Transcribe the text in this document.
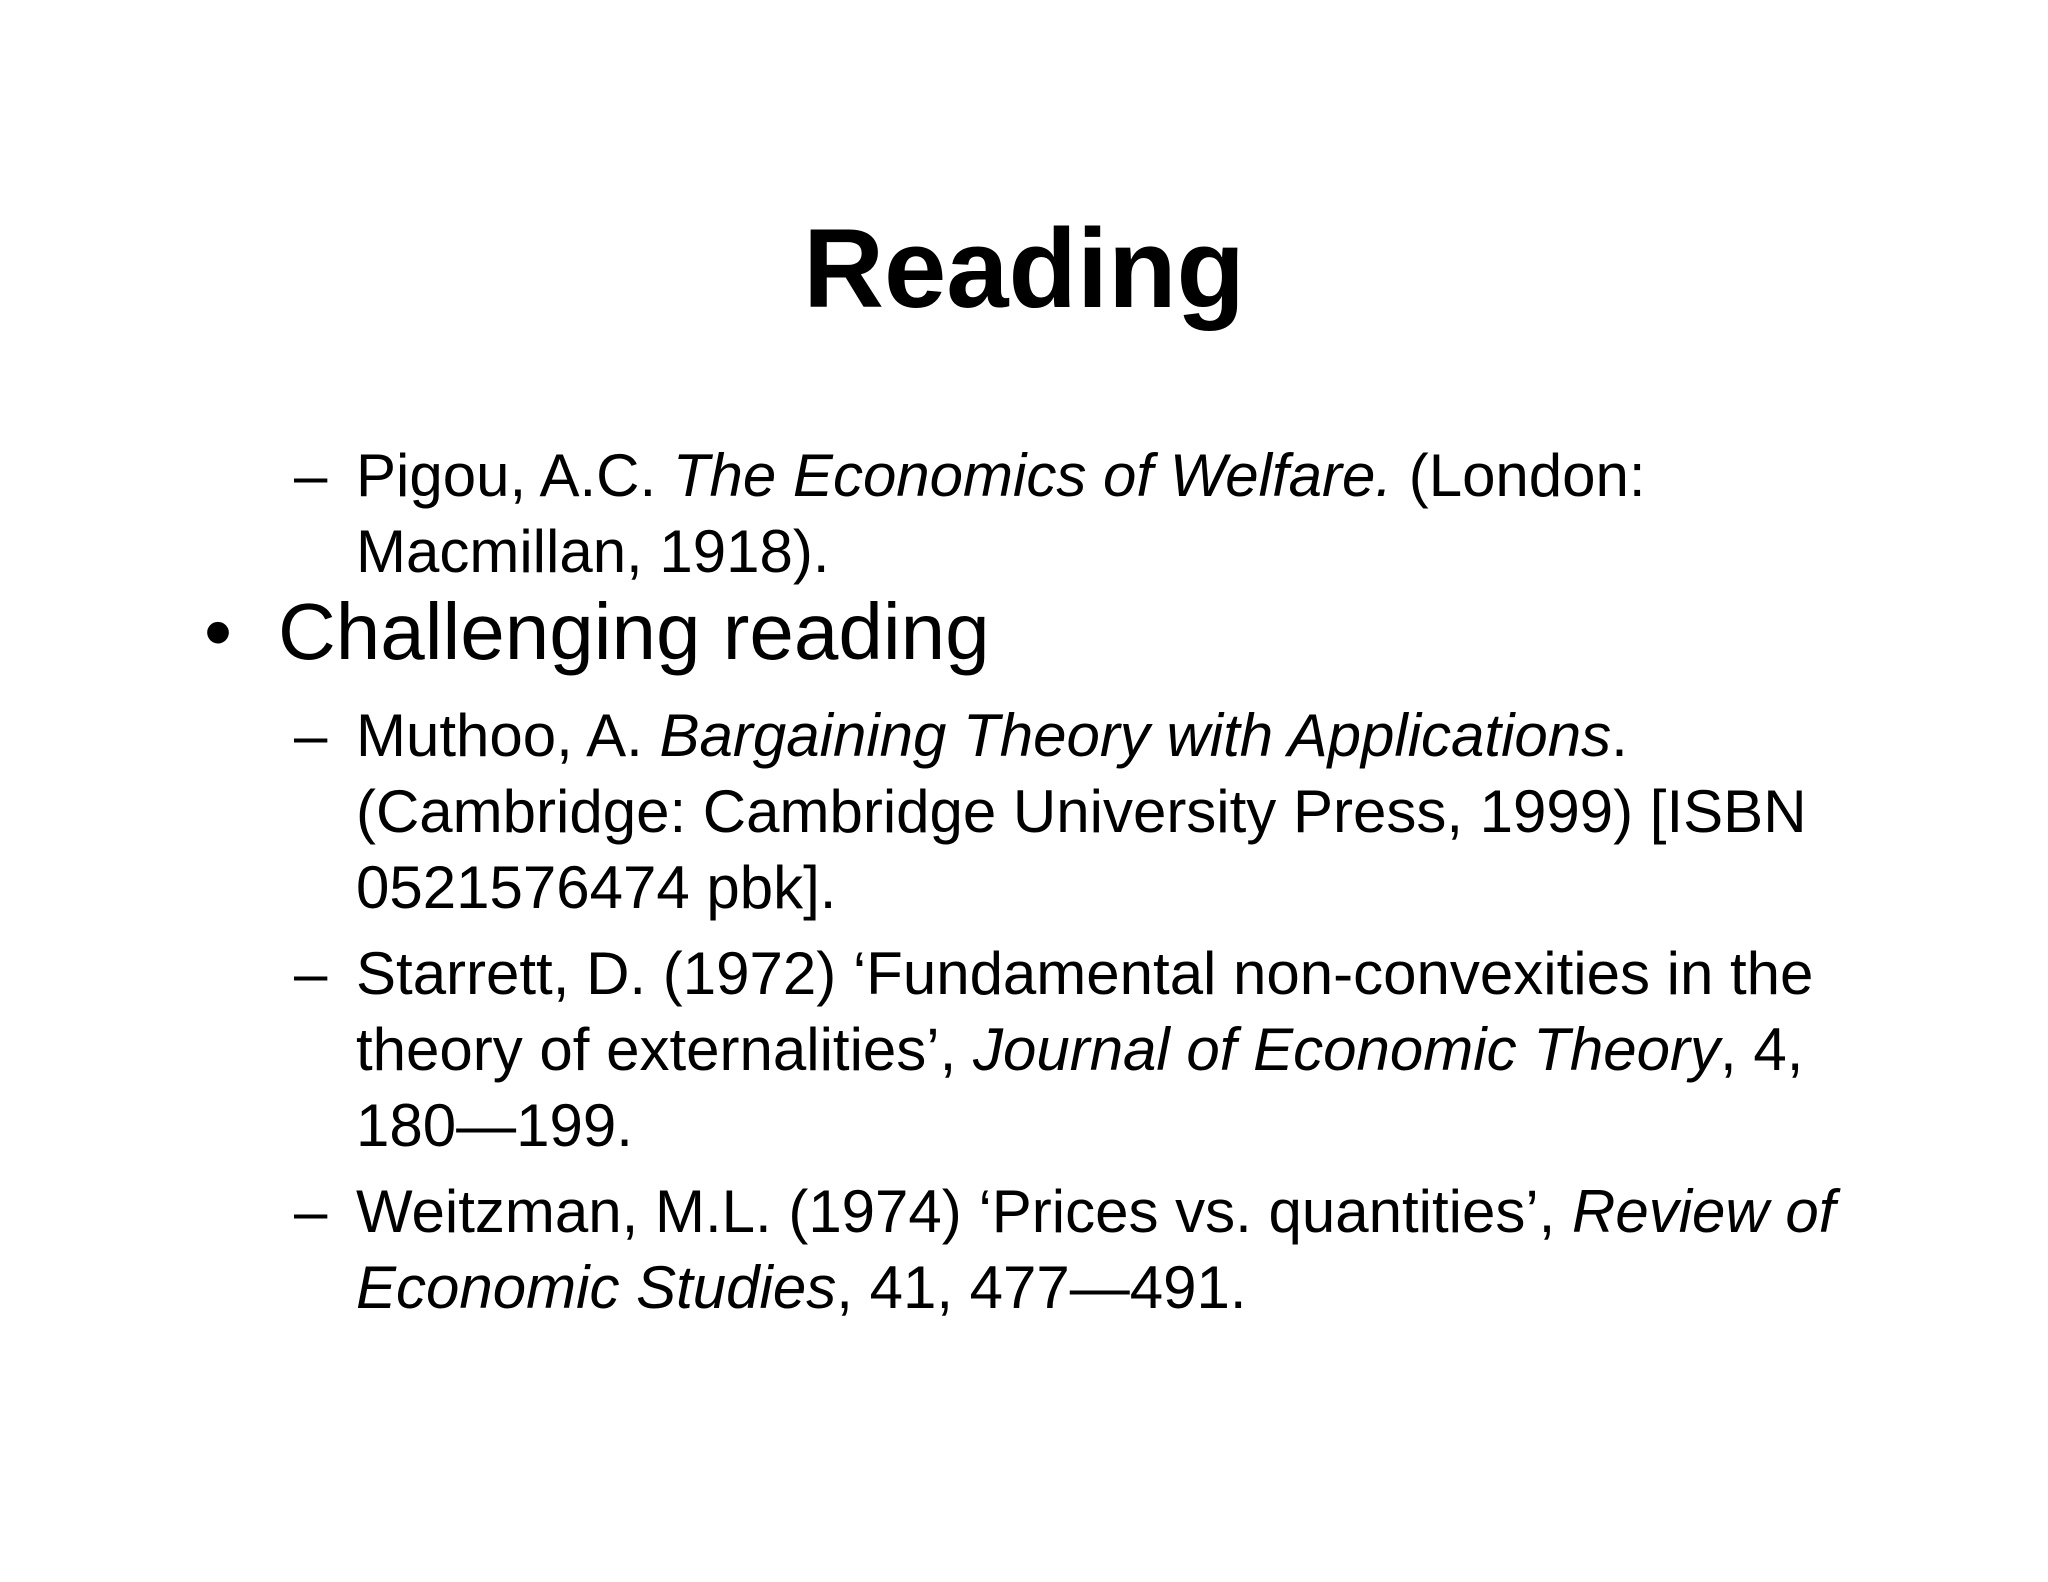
Reading
– Pigou, A.C. The Economics of Welfare. (London: Macmillan, 1918).
• Challenging reading
– Muthoo, A. Bargaining Theory with Applications. (Cambridge: Cambridge University Press, 1999) [ISBN 0521576474 pbk].
– Starrett, D. (1972) ‘Fundamental non-convexities in the theory of externalities’, Journal of Economic Theory, 4, 180—199.
– Weitzman, M.L. (1974) ‘Prices vs. quantities’, Review of Economic Studies, 41, 477—491.
